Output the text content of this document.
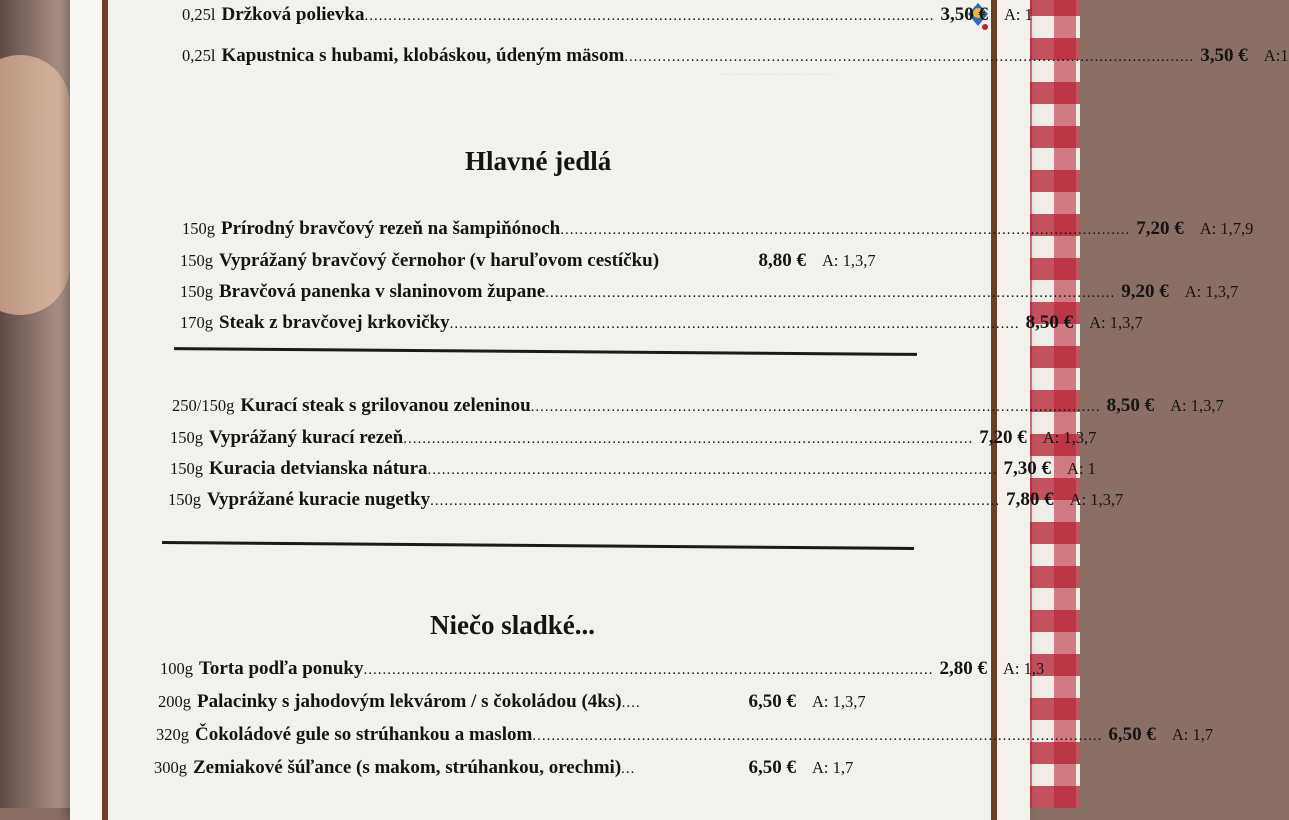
......................................
0,25l Držková polievka ........................................................................................................................ 3,50 € A: 1
0,25l Kapustnica s hubami, klobáskou, údeným mäsom ........................................................................................................................ 3,50 € A:1
Hlavné jedlá
150g Prírodný bravčový rezeň na šampiňónoch ........................................................................................................................ 7,20 € A: 1,7,9
150g Vyprážaný bravčový černohor (v haruľovom cestíčku)	8,80 € A: 1,3,7
150g Bravčová panenka v slaninovom župane ........................................................................................................................ 9,20 € A: 1,3,7
170g Steak z bravčovej krkovičky ........................................................................................................................ 8,50 € A: 1,3,7
250/150g Kurací steak s grilovanou zeleninou ........................................................................................................................ 8,50 € A: 1,3,7
150g Vyprážaný kurací rezeň ........................................................................................................................ 7,20 € A: 1,3,7
150g Kuracia detvianska nátura ........................................................................................................................ 7,30 € A: 1
150g Vyprážané kuracie nugetky ........................................................................................................................ 7,80 € A: 1,3,7
Niečo sladké...
100g Torta podľa ponuky ........................................................................................................................ 2,80 € A: 1,3
200g Palacinky s jahodovým lekvárom / s čokoládou (4ks) ....	6,50 € A: 1,3,7
320g Čokoládové gule so strúhankou a maslom ........................................................................................................................ 6,50 € A: 1,7
300g Zemiakové šúľance (s makom, strúhankou, orechmi) ...	6,50 € A: 1,7
